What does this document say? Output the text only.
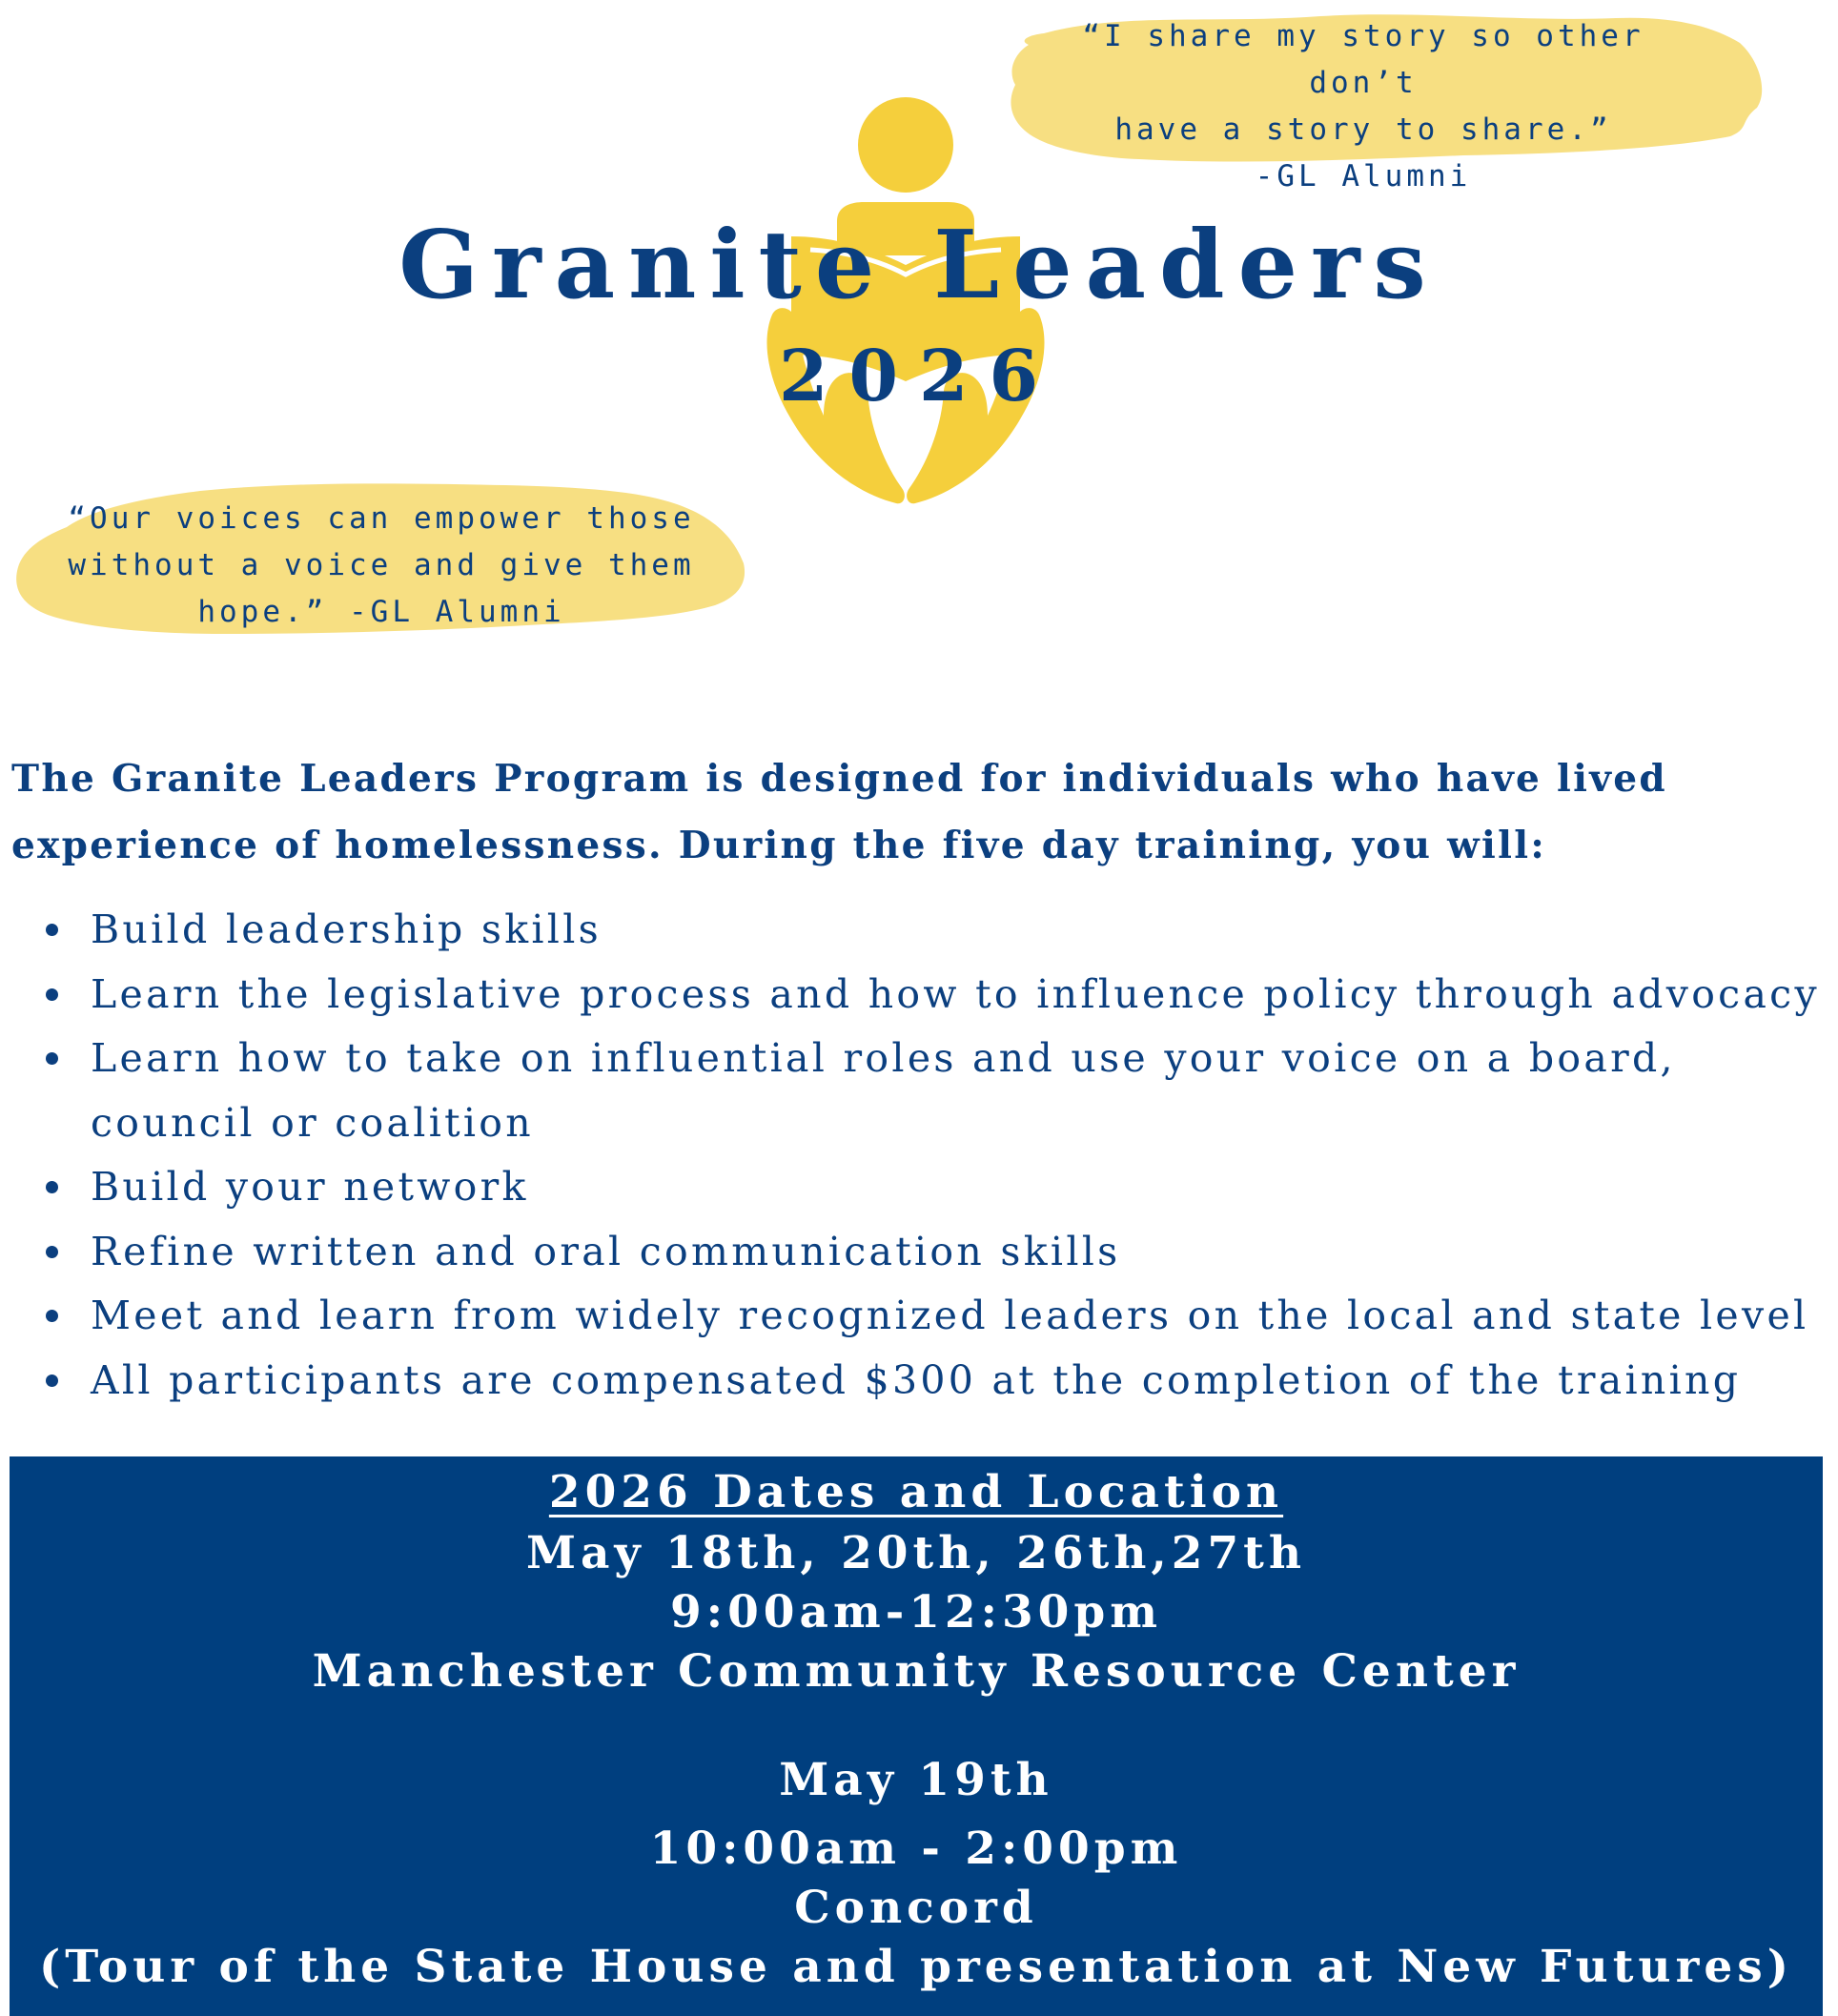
“I share my story so other don’t
have a story to share.”
-GL Alumni
Granite Leaders
2026
“Our voices can empower those
without a voice and give them
hope.” -GL Alumni
The Granite Leaders Program is designed for individuals who have lived
experience of homelessness. During the five day training, you will:
Build leadership skills
Learn the legislative process and how to influence policy through advocacy
Learn how to take on influential roles and use your voice on a board,
council or coalition
Build your network
Refine written and oral communication skills
Meet and learn from widely recognized leaders on the local and state level
All participants are compensated $300 at the completion of the training
2026 Dates and Location
May 18th, 20th, 26th,27th
9:00am-12:30pm
Manchester Community Resource Center
May 19th
10:00am - 2:00pm
Concord
(Tour of the State House and presentation at New Futures)
